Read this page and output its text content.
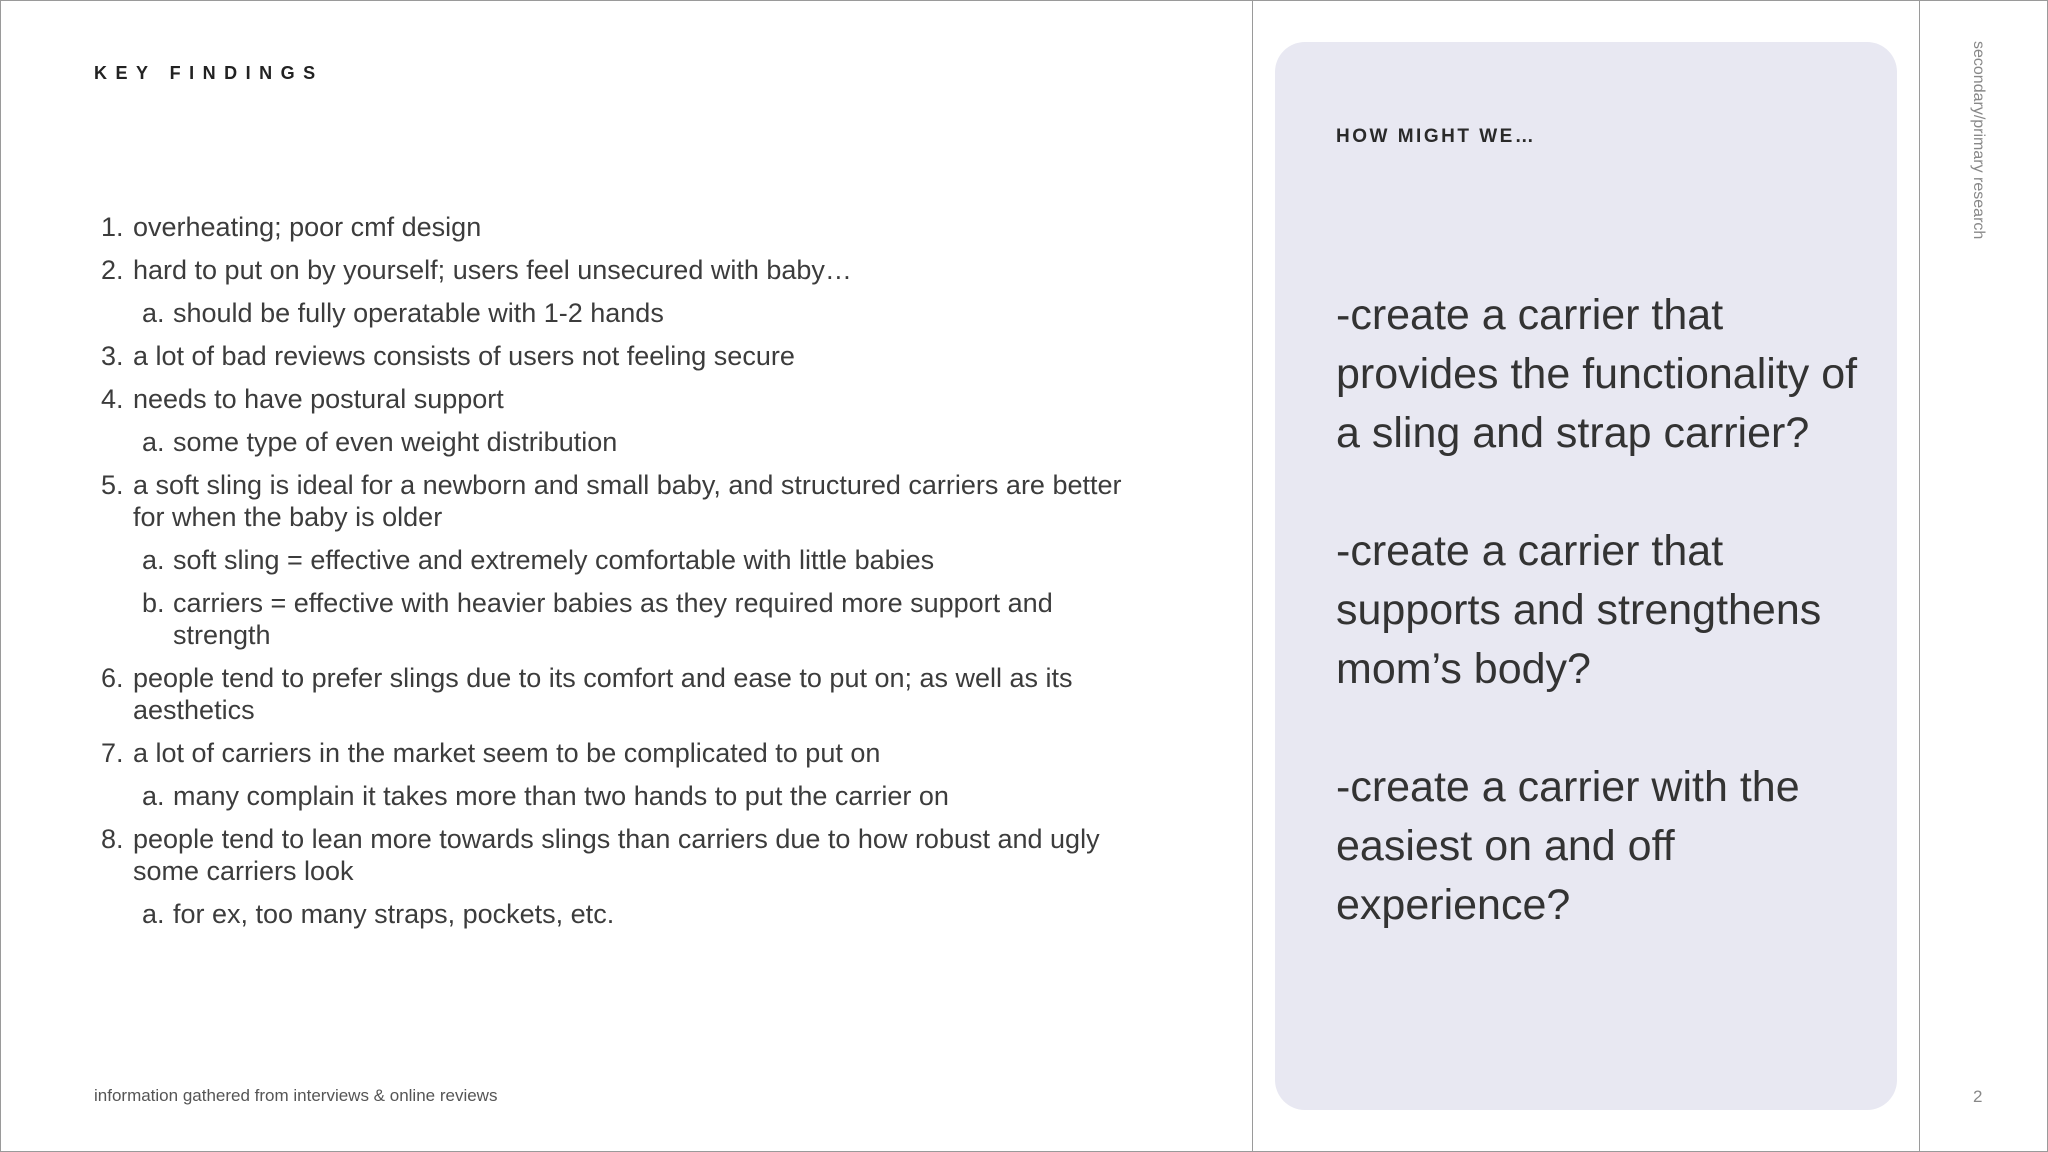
KEY FINDINGS
1. overheating; poor cmf design
2. hard to put on by yourself; users feel unsecured with baby…
a. should be fully operatable with 1-2 hands
3. a lot of bad reviews consists of users not feeling secure
4. needs to have postural support
a. some type of even weight distribution
5. a soft sling is ideal for a newborn and small baby, and structured carriers are better for when the baby is older
a. soft sling = effective and extremely comfortable with little babies
b. carriers = effective with heavier babies as they required more support and strength
6. people tend to prefer slings due to its comfort and ease to put on; as well as its aesthetics
7. a lot of carriers in the market seem to be complicated to put on
a. many complain it takes more than two hands to put the carrier on
8. people tend to lean more towards slings than carriers due to how robust and ugly some carriers look
a. for ex, too many straps, pockets, etc.
information gathered from interviews & online reviews
HOW MIGHT WE…
-create a carrier that provides the functionality of a sling and strap carrier?
-create a carrier that supports and strengthens mom’s body?
-create a carrier with the easiest on and off experience?
secondary/primary research
2
